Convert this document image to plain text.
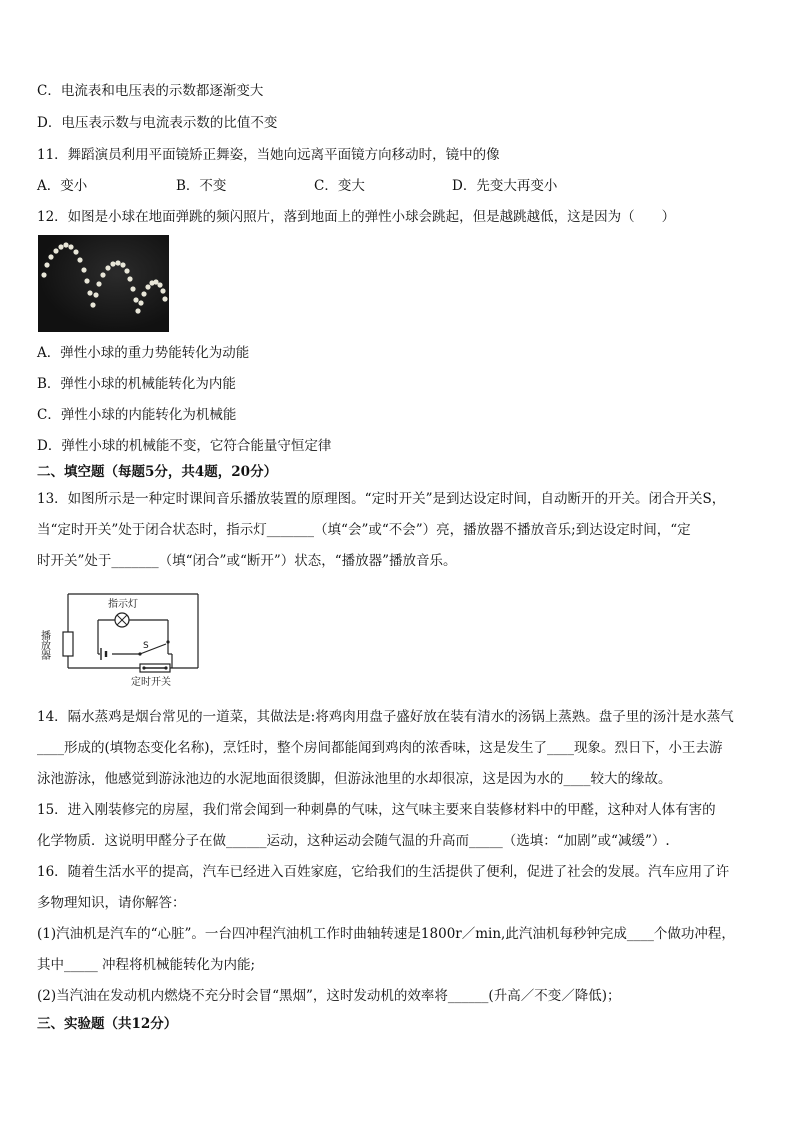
C．电流表和电压表的示数都逐渐变大
D．电压表示数与电流表示数的比值不变
11．舞蹈演员利用平面镜矫正舞姿，当她向远离平面镜方向移动时，镜中的像
A．变小	B．不变	C．变大	D．先变大再变小
12．如图是小球在地面弹跳的频闪照片，落到地面上的弹性小球会跳起，但是越跳越低，这是因为（　　）
A．弹性小球的重力势能转化为动能
B．弹性小球的机械能转化为内能
C．弹性小球的内能转化为机械能
D．弹性小球的机械能不变，它符合能量守恒定律
二、填空题（每题5分，共4题，20分）
13．如图所示是一种定时课间音乐播放装置的原理图。“定时开关”是到达设定时间，自动断开的开关。闭合开关S，
当“定时开关”处于闭合状态时，指示灯_______（填“会”或“不会”）亮，播放器不播放音乐;到达设定时间，“定
时开关”处于_______（填“闭合”或“断开”）状态，“播放器”播放音乐。
指示灯
S
定时开关
播放器
14．隔水蒸鸡是烟台常见的一道菜，其做法是:将鸡肉用盘子盛好放在装有清水的汤锅上蒸熟。盘子里的汤汁是水蒸气
____形成的(填物态变化名称)，烹饪时，整个房间都能闻到鸡肉的浓香味，这是发生了____现象。烈日下，小王去游
泳池游泳，他感觉到游泳池边的水泥地面很烫脚，但游泳池里的水却很凉，这是因为水的____较大的缘故。
15．进入刚装修完的房屋，我们常会闻到一种刺鼻的气味，这气味主要来自装修材料中的甲醛，这种对人体有害的
化学物质．这说明甲醛分子在做______运动，这种运动会随气温的升高而_____（选填：“加剧”或“减缓”）.
16．随着生活水平的提高，汽车已经进入百姓家庭，它给我们的生活提供了便利，促进了社会的发展。汽车应用了许
多物理知识，请你解答：
(1)汽油机是汽车的“心脏”。一台四冲程汽油机工作时曲轴转速是1800r／min,此汽油机每秒钟完成____个做功冲程，
其中_____ 冲程将机械能转化为内能;
(2)当汽油在发动机内燃烧不充分时会冒“黑烟”，这时发动机的效率将______(升高／不变／降低)；
三、实验题（共12分）
